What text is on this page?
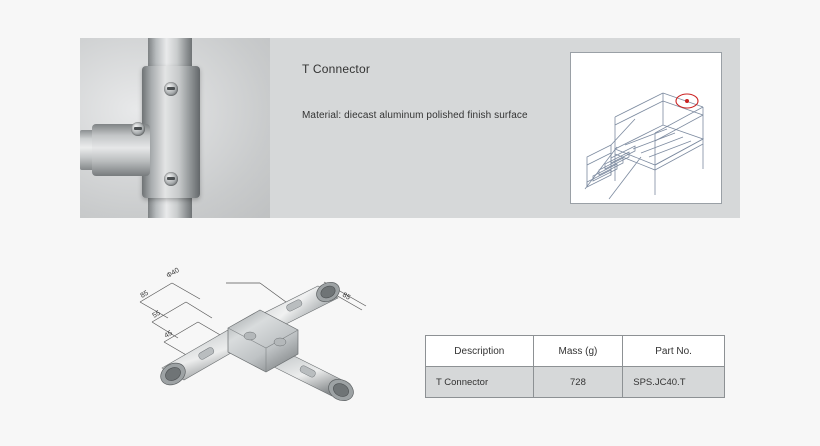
T Connector

Material: diecast aluminum polished finish surface

Φ40
85
85
55
45
Description	Mass (g)	Part No.
T Connector	728	SPS.JC40.T
